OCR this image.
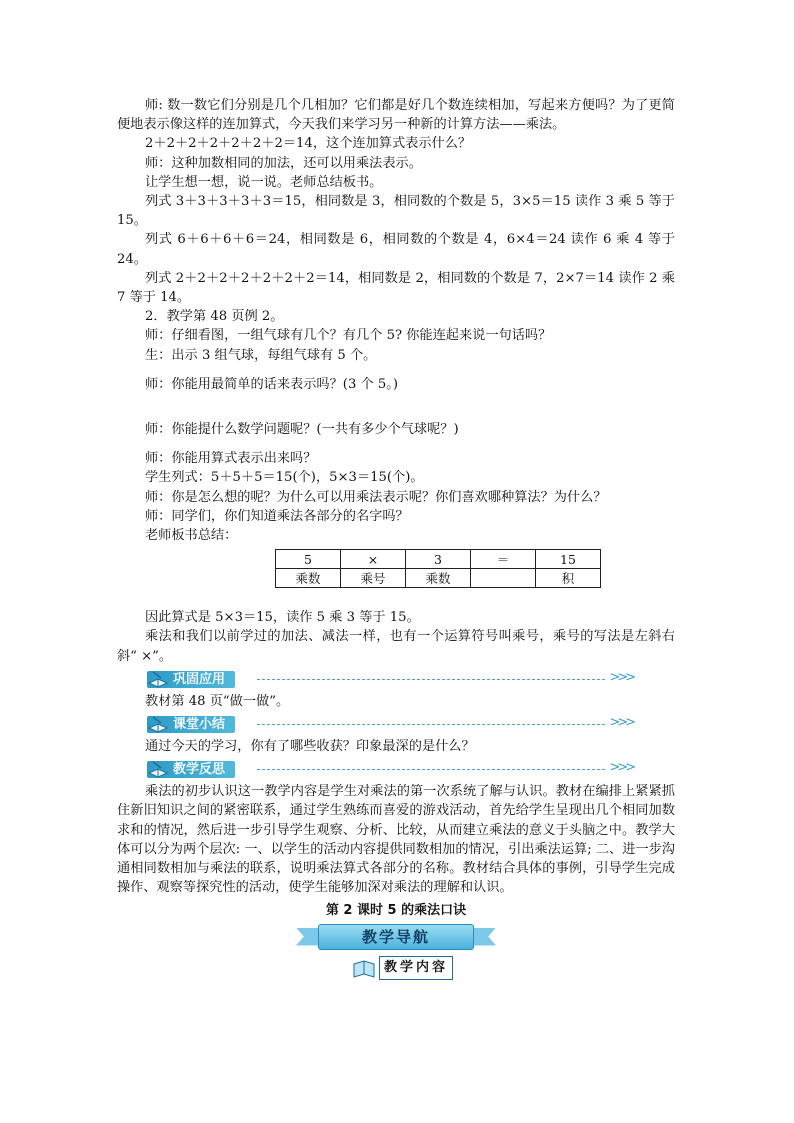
师: 数一数它们分别是几个几相加？它们都是好几个数连续相加，写起来方便吗？为了更简便地表示像这样的连加算式，今天我们来学习另一种新的计算方法——乘法。

2＋2＋2＋2＋2＋2＋2＝14，这个连加算式表示什么？

师：这种加数相同的加法，还可以用乘法表示。

让学生想一想，说一说。老师总结板书。

列式 3＋3＋3＋3＋3＝15，相同数是 3，相同数的个数是 5，3×5＝15 读作 3 乘 5 等于 15。

列式 6＋6＋6＋6＝24，相同数是 6，相同数的个数是 4，6×4＝24 读作 6 乘 4 等于 24。

列式 2＋2＋2＋2＋2＋2＋2＝14，相同数是 2，相同数的个数是 7，2×7＝14 读作 2 乘 7 等于 14。

2．教学第 48 页例 2。

师：仔细看图，一组气球有几个？有几个 5? 你能连起来说一句话吗？

生：出示 3 组气球，每组气球有 5 个。

师：你能用最简单的话来表示吗？(3 个 5。)

师：你能提什么数学问题呢？(一共有多少个气球呢？)

师：你能用算式表示出来吗？

学生列式：5＋5＋5＝15(个)，5×3＝15(个)。

师：你是怎么想的呢？为什么可以用乘法表示呢？你们喜欢哪种算法？为什么？

师：同学们，你们知道乘法各部分的名字吗？

老师板书总结：

5	×	3	＝	15
乘数	乘号	乘数		积

因此算式是 5×3＝15，读作 5 乘 3 等于 15。

乘法和我们以前学过的加法、减法一样，也有一个运算符号叫乘号，乘号的写法是左斜右斜“ ×”。

巩固应用	>>>

教材第 48 页“做一做”。

课堂小结	>>>

通过今天的学习，你有了哪些收获？印象最深的是什么？

教学反思	>>>

乘法的初步认识这一教学内容是学生对乘法的第一次系统了解与认识。教材在编排上紧紧抓住新旧知识之间的紧密联系，通过学生熟练而喜爱的游戏活动，首先给学生呈现出几个相同加数求和的情况，然后进一步引导学生观察、分析、比较，从而建立乘法的意义于头脑之中。教学大体可以分为两个层次: 一、以学生的活动内容提供同数相加的情况，引出乘法运算; 二、进一步沟通相同数相加与乘法的联系，说明乘法算式各部分的名称。教材结合具体的事例，引导学生完成操作、观察等探究性的活动，使学生能够加深对乘法的理解和认识。

第 2 课时 5 的乘法口诀
教学导航
教学内容
